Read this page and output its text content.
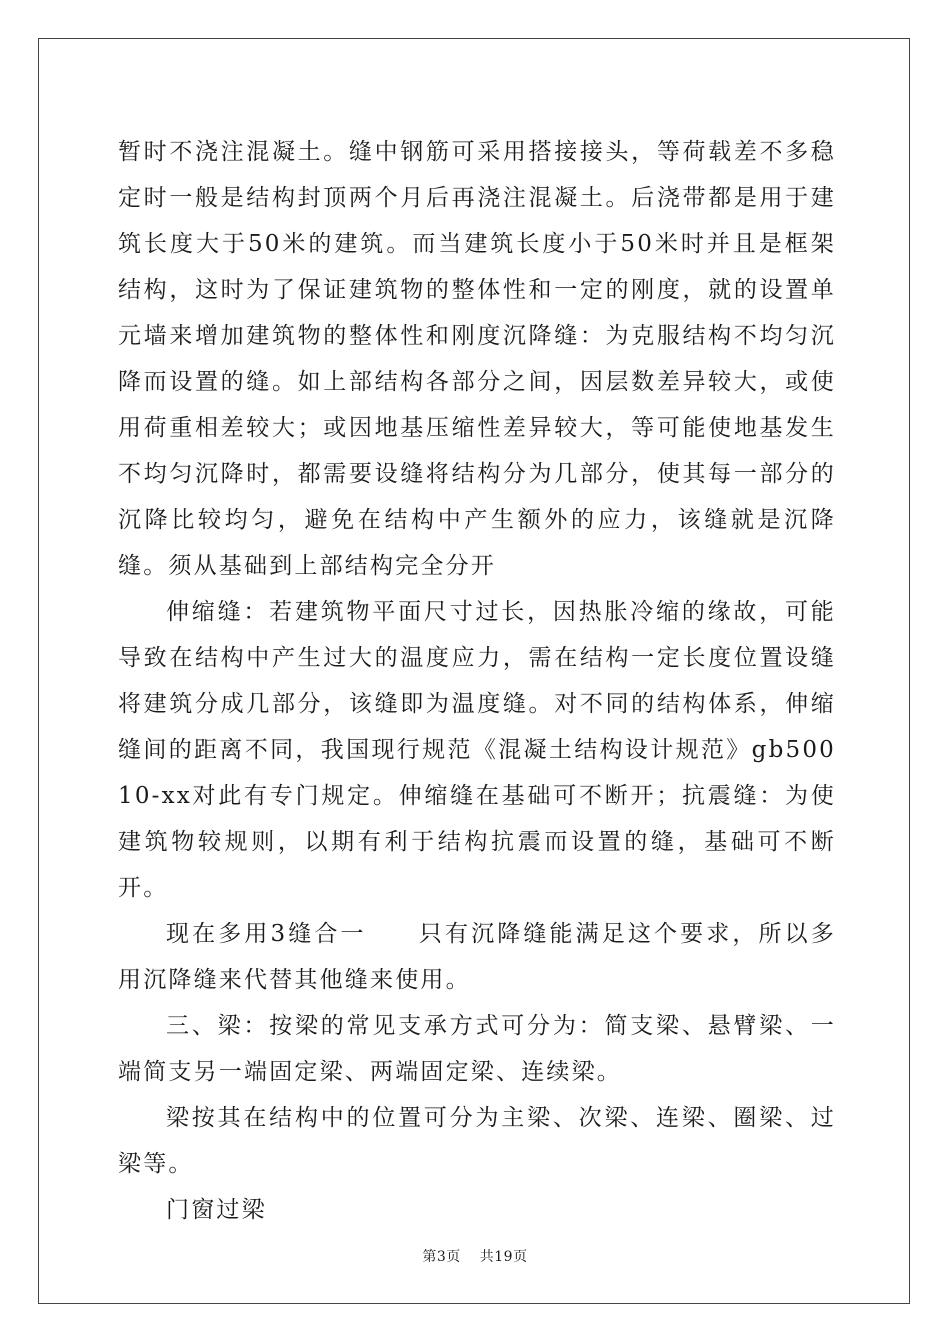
暂时不浇注混凝土。缝中钢筋可采用搭接接头，等荷载差不多稳定时一般是结构封顶两个月后再浇注混凝土。后浇带都是用于建筑长度大于50米的建筑。而当建筑长度小于50米时并且是框架结构，这时为了保证建筑物的整体性和一定的刚度，就的设置单元墙来增加建筑物的整体性和刚度沉降缝：为克服结构不均匀沉降而设置的缝。如上部结构各部分之间，因层数差异较大，或使用荷重相差较大；或因地基压缩性差异较大，等可能使地基发生不均匀沉降时，都需要设缝将结构分为几部分，使其每一部分的沉降比较均匀，避免在结构中产生额外的应力，该缝就是沉降缝。须从基础到上部结构完全分开

伸缩缝：若建筑物平面尺寸过长，因热胀冷缩的缘故，可能导致在结构中产生过大的温度应力，需在结构一定长度位置设缝将建筑分成几部分，该缝即为温度缝。对不同的结构体系，伸缩缝间的距离不同，我国现行规范《混凝土结构设计规范》gb50010-xx对此有专门规定。伸缩缝在基础可不断开；抗震缝：为使建筑物较规则，以期有利于结构抗震而设置的缝，基础可不断开。

现在多用3缝合一　　只有沉降缝能满足这个要求，所以多用沉降缝来代替其他缝来使用。

三、梁：按梁的常见支承方式可分为：简支梁、悬臂梁、一端简支另一端固定梁、两端固定梁、连续梁。

梁按其在结构中的位置可分为主梁、次梁、连梁、圈梁、过梁等。

门窗过梁

第3页 共19页
